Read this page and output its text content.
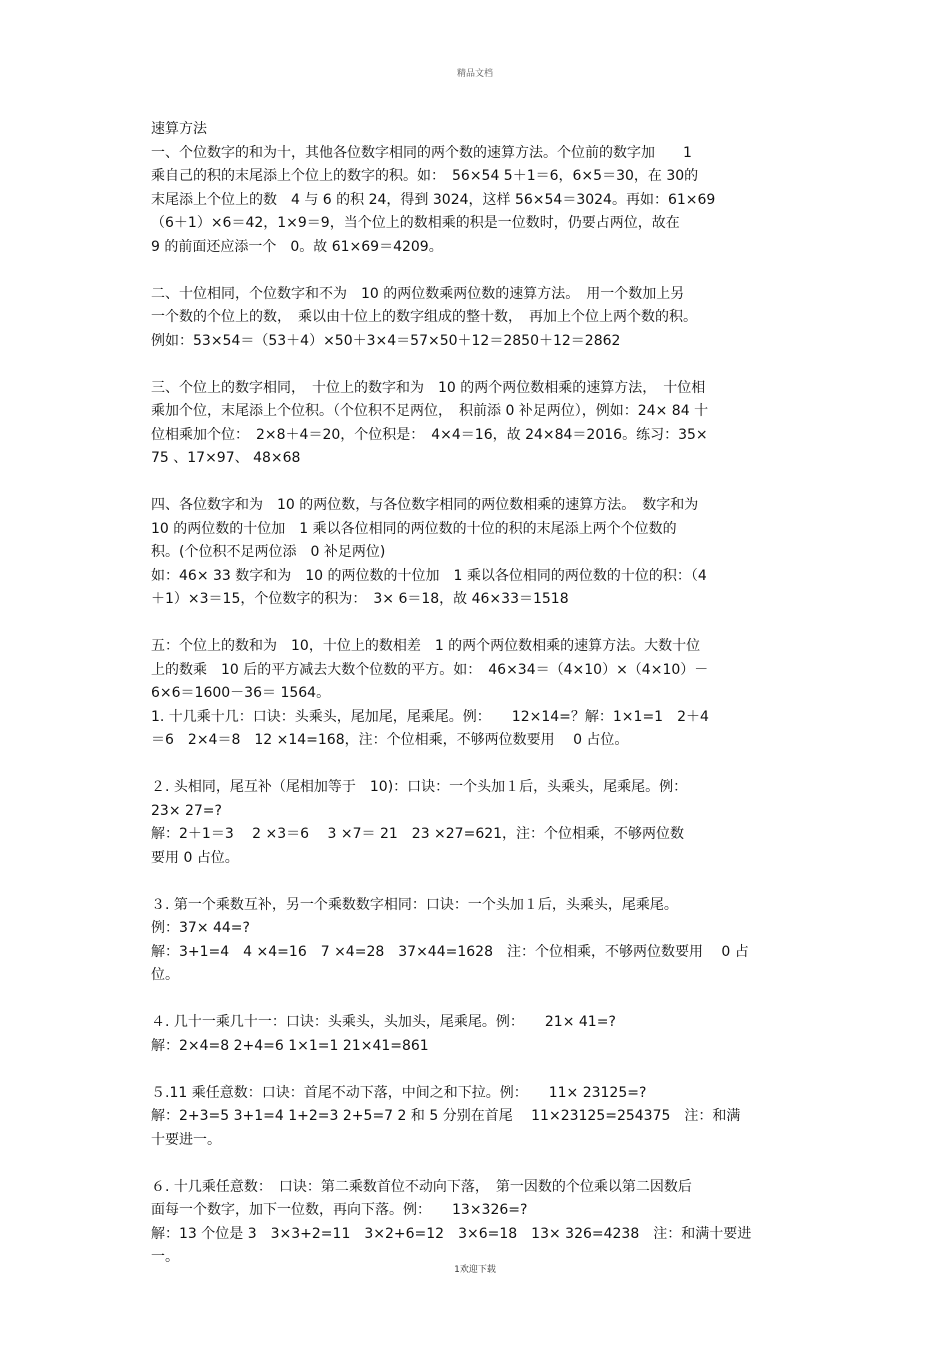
精品文档
速算方法
一、个位数字的和为十，其他各位数字相同的两个数的速算方法。个位前的数字加　　1
乘自己的积的末尾添上个位上的数字的积。如：　56×54 5＋1＝6，6×5＝30，在 30的
末尾添上个位上的数　4 与 6 的积 24，得到 3024，这样 56×54＝3024。再如：61×69
（6＋1）×6＝42，1×9＝9，当个位上的数相乘的积是一位数时，仍要占两位，故在
9 的前面还应添一个　0。故 61×69＝4209。
二、十位相同，个位数字和不为　10 的两位数乘两位数的速算方法。　用一个数加上另
一个数的个位上的数，　乘以由十位上的数字组成的整十数，　再加上个位上两个数的积。
例如：53×54＝（53＋4）×50＋3×4＝57×50＋12＝2850＋12＝2862
三、个位上的数字相同，　十位上的数字和为　10 的两个两位数相乘的速算方法，　十位相
乘加个位，末尾添上个位积。（个位积不足两位，　积前添 0 补足两位），例如：24× 84 十
位相乘加个位：　2×8＋4＝20，个位积是：　4×4＝16，故 24×84＝2016。练习：35×
75 、17×97、 48×68
四、各位数字和为　10 的两位数，与各位数字相同的两位数相乘的速算方法。　数字和为
10 的两位数的十位加　1 乘以各位相同的两位数的十位的积的末尾添上两个个位数的
积。(个位积不足两位添　0 补足两位)
如：46× 33 数字和为　10 的两位数的十位加　1 乘以各位相同的两位数的十位的积：（4
＋1）×3＝15，个位数字的积为：　3× 6＝18，故 46×33＝1518
五：个位上的数和为　10，十位上的数相差　1 的两个两位数相乘的速算方法。大数十位
上的数乘　10 后的平方减去大数个位数的平方。如：　46×34＝（4×10）×（4×10）－
6×6＝1600－36＝ 1564。
1. 十几乘十几：口诀：头乘头，尾加尾，尾乘尾。例：　　12×14=？解：1×1=1　2＋4
＝6　2×4＝8　12 ×14=168，注：个位相乘，不够两位数要用　 0 占位。
２. 头相同，尾互补（尾相加等于　10)：口诀：一个头加１后，头乘头，尾乘尾。例：
23× 27=?
解：2＋1＝3　 2 ×3＝6　 3 ×7＝ 21　23 ×27=621，注：个位相乘，不够两位数
要用 0 占位。
３. 第一个乘数互补，另一个乘数数字相同：口诀：一个头加１后，头乘头，尾乘尾。
例：37× 44=?
解：3+1=4　4 ×4=16　7 ×4=28　37×44=1628　注：个位相乘，不够两位数要用　 0 占
位。
４. 几十一乘几十一：口诀：头乘头，头加头，尾乘尾。例：　　21× 41=?
解：2×4=8 2+4=6 1×1=1 21×41=861
５.11 乘任意数：口诀：首尾不动下落，中间之和下拉。例：　　11× 23125=?
解：2+3=5 3+1=4 1+2=3 2+5=7 2 和 5 分别在首尾　 11×23125=254375　注：和满
十要进一。
６. 十几乘任意数：　口诀：第二乘数首位不动向下落，　第一因数的个位乘以第二因数后
面每一个数字，加下一位数，再向下落。例：　　13×326=?
解：13 个位是 3　3×3+2=11　3×2+6=12　3×6=18　13× 326=4238　注：和满十要进
一。
1欢迎下载
